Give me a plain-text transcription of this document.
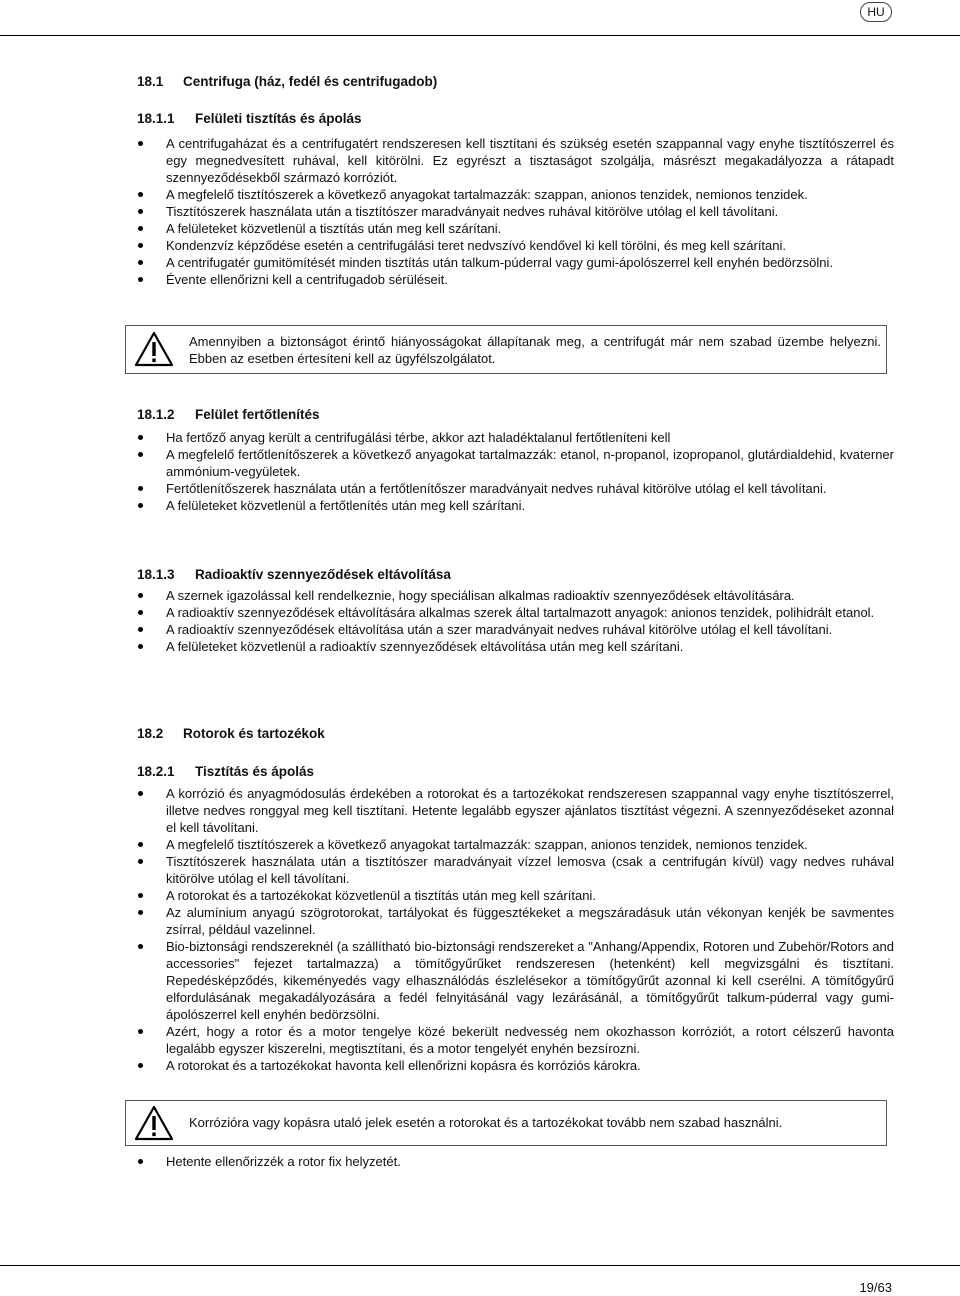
HU
18.1 Centrifuga (ház, fedél és centrifugadob)
18.1.1 Felületi tisztítás és ápolás
A centrifugaházat és a centrifugatért rendszeresen kell tisztítani és szükség esetén szappannal vagy enyhe tisztítószerrel és egy megnedvesített ruhával, kell kitörölni. Ez egyrészt a tisztaságot szolgálja, másrészt megakadályozza a rátapadt szennyeződésekből származó korróziót.
A megfelelő tisztítószerek a következő anyagokat tartalmazzák: szappan, anionos tenzidek, nemionos tenzidek.
Tisztítószerek használata után a tisztítószer maradványait nedves ruhával kitörölve utólag el kell távolítani.
A felületeket közvetlenül a tisztítás után meg kell szárítani.
Kondenzvíz képződése esetén a centrifugálási teret nedvszívó kendővel ki kell törölni, és meg kell szárítani.
A centrifugatér gumitömítését minden tisztítás után talkum-púderral vagy gumi-ápolószerrel kell enyhén bedörzsölni.
Évente ellenőrizni kell a centrifugadob sérüléseit.
Amennyiben a biztonságot érintő hiányosságokat állapítanak meg, a centrifugát már nem szabad üzembe helyezni. Ebben az esetben értesíteni kell az ügyfélszolgálatot.
18.1.2 Felület fertőtlenítés
Ha fertőző anyag került a centrifugálási térbe, akkor azt haladéktalanul fertőtleníteni kell
A megfelelő fertőtlenítőszerek a következő anyagokat tartalmazzák: etanol, n-propanol, izopropanol, glutárdialdehid, kvaterner ammónium-vegyületek.
Fertőtlenítőszerek használata után a fertőtlenítőszer maradványait nedves ruhával kitörölve utólag el kell távolítani.
A felületeket közvetlenül a fertőtlenítés után meg kell szárítani.
18.1.3 Radioaktív szennyeződések eltávolítása
A szernek igazolással kell rendelkeznie, hogy speciálisan alkalmas radioaktív szennyeződések eltávolítására.
A radioaktív szennyeződések eltávolítására alkalmas szerek által tartalmazott anyagok: anionos tenzidek, polihidrált etanol.
A radioaktív szennyeződések eltávolítása után a szer maradványait nedves ruhával kitörölve utólag el kell távolítani.
A felületeket közvetlenül a radioaktív szennyeződések eltávolítása után meg kell szárítani.
18.2 Rotorok és tartozékok
18.2.1 Tisztítás és ápolás
A korrózió és anyagmódosulás érdekében a rotorokat és a tartozékokat rendszeresen szappannal vagy enyhe tisztítószerrel, illetve nedves ronggyal meg kell tisztítani. Hetente legalább egyszer ajánlatos tisztítást végezni. A szennyeződéseket azonnal el kell távolítani.
A megfelelő tisztítószerek a következő anyagokat tartalmazzák: szappan, anionos tenzidek, nemionos tenzidek.
Tisztítószerek használata után a tisztítószer maradványait vízzel lemosva (csak a centrifugán kívül) vagy nedves ruhával kitörölve utólag el kell távolítani.
A rotorokat és a tartozékokat közvetlenül a tisztítás után meg kell szárítani.
Az alumínium anyagú szögrotorokat, tartályokat és függesztékeket a megszáradásuk után vékonyan kenjék be savmentes zsírral, például vazelinnel.
Bio-biztonsági rendszereknél (a szállítható bio-biztonsági rendszereket a "Anhang/Appendix, Rotoren und Zubehör/Rotors and accessories" fejezet tartalmazza) a tömítőgyűrűket rendszeresen (hetenként) kell megvizsgálni és tisztítani. Repedésképződés, kikeményedés vagy elhasználódás észlelésekor a tömítőgyűrűt azonnal ki kell cserélni. A tömítőgyűrű elfordulásának megakadályozására a fedél felnyitásánál vagy lezárásánál, a tömítőgyűrűt talkum-púderral vagy gumi-ápolószerrel kell enyhén bedörzsölni.
Azért, hogy a rotor és a motor tengelye közé bekerült nedvesség nem okozhasson korróziót, a rotort célszerű havonta legalább egyszer kiszerelni, megtisztítani, és a motor tengelyét enyhén bezsírozni.
A rotorokat és a tartozékokat havonta kell ellenőrizni kopásra és korróziós károkra.
Korrózióra vagy kopásra utaló jelek esetén a rotorokat és a tartozékokat tovább nem szabad használni.
Hetente ellenőrizzék a rotor fix helyzetét.
19/63
